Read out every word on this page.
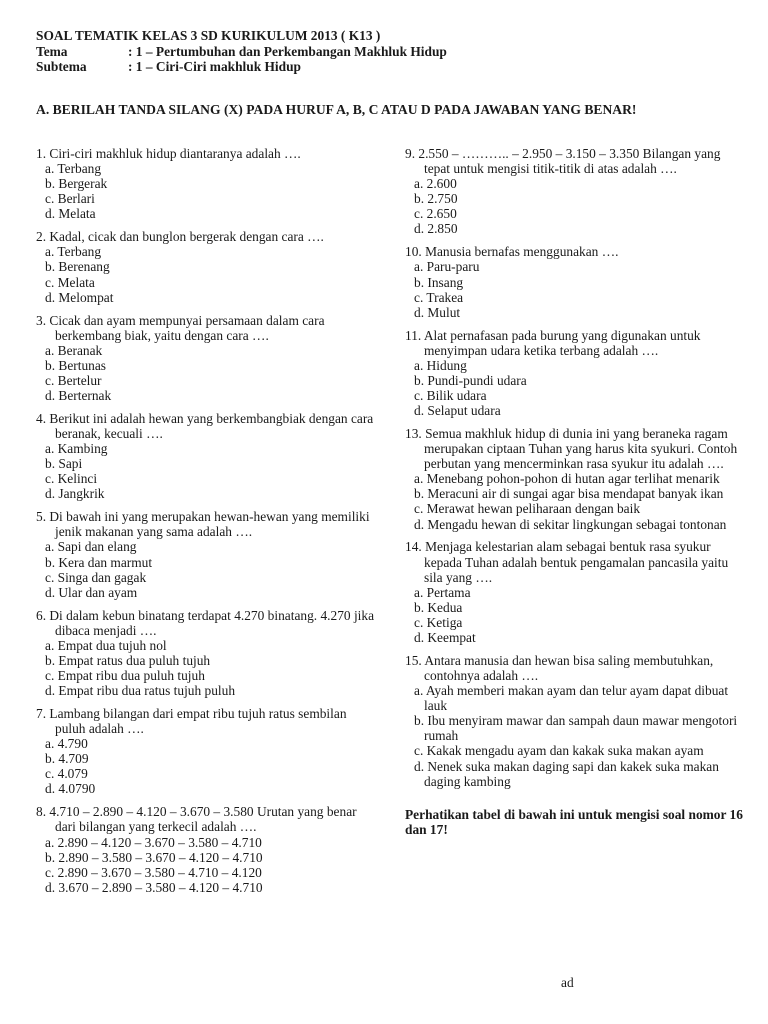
SOAL TEMATIK KELAS 3 SD KURIKULUM 2013 ( K13 )
Tema	: 1 – Pertumbuhan dan Perkembangan Makhluk Hidup
Subtema	: 1 – Ciri-Ciri makhluk Hidup
A. BERILAH TANDA SILANG (X) PADA HURUF A, B, C ATAU D PADA JAWABAN YANG BENAR!
1. Ciri-ciri makhluk hidup diantaranya adalah ….
a. Terbang
b. Bergerak
c. Berlari
d. Melata
2. Kadal, cicak dan bunglon bergerak dengan cara ….
a. Terbang
b. Berenang
c. Melata
d. Melompat
3. Cicak dan ayam mempunyai persamaan dalam cara berkembang biak, yaitu dengan cara ….
a. Beranak
b. Bertunas
c. Bertelur
d. Berternak
4. Berikut ini adalah hewan yang berkembangbiak dengan cara beranak, kecuali ….
a. Kambing
b. Sapi
c. Kelinci
d. Jangkrik
5. Di bawah ini yang merupakan hewan-hewan yang memiliki jenik makanan yang sama adalah ….
a. Sapi dan elang
b. Kera dan marmut
c. Singa dan gagak
d. Ular dan ayam
6. Di dalam kebun binatang terdapat 4.270 binatang. 4.270 jika dibaca menjadi ….
a. Empat dua tujuh nol
b. Empat ratus dua puluh tujuh
c. Empat ribu dua puluh tujuh
d. Empat ribu dua ratus tujuh puluh
7. Lambang bilangan dari empat ribu tujuh ratus sembilan puluh adalah ….
a. 4.790
b. 4.709
c. 4.079
d. 4.0790
8. 4.710 – 2.890 – 4.120 – 3.670 – 3.580 Urutan yang benar dari bilangan yang terkecil adalah ….
a. 2.890 – 4.120 – 3.670 – 3.580 – 4.710
b. 2.890 – 3.580 – 3.670 – 4.120 – 4.710
c. 2.890 – 3.670 – 3.580 – 4.710 – 4.120
d. 3.670 – 2.890 – 3.580 – 4.120 – 4.710
9. 2.550 – ……….. – 2.950 – 3.150 – 3.350 Bilangan yang tepat untuk mengisi titik-titik di atas adalah ….
a. 2.600
b. 2.750
c. 2.650
d. 2.850
10. Manusia bernafas menggunakan ….
a. Paru-paru
b. Insang
c. Trakea
d. Mulut
11. Alat pernafasan pada burung yang digunakan untuk menyimpan udara ketika terbang adalah ….
a. Hidung
b. Pundi-pundi udara
c. Bilik udara
d. Selaput udara
13. Semua makhluk hidup di dunia ini yang beraneka ragam merupakan ciptaan Tuhan yang harus kita syukuri. Contoh perbutan yang mencerminkan rasa syukur itu adalah ….
a. Menebang pohon-pohon di hutan agar terlihat menarik
b. Meracuni air di sungai agar bisa mendapat banyak ikan
c. Merawat hewan peliharaan dengan baik
d. Mengadu hewan di sekitar lingkungan sebagai tontonan
14. Menjaga kelestarian alam sebagai bentuk rasa syukur kepada Tuhan adalah bentuk pengamalan pancasila yaitu sila yang ….
a. Pertama
b. Kedua
c. Ketiga
d. Keempat
15. Antara manusia dan hewan bisa saling membutuhkan, contohnya adalah ….
a. Ayah memberi makan ayam dan telur ayam dapat dibuat lauk
b. Ibu menyiram mawar dan sampah daun mawar mengotori rumah
c. Kakak mengadu ayam dan kakak suka makan ayam
d. Nenek suka makan daging sapi dan kakek suka makan daging kambing
Perhatikan tabel di bawah ini untuk mengisi soal nomor 16 dan 17!
ad
